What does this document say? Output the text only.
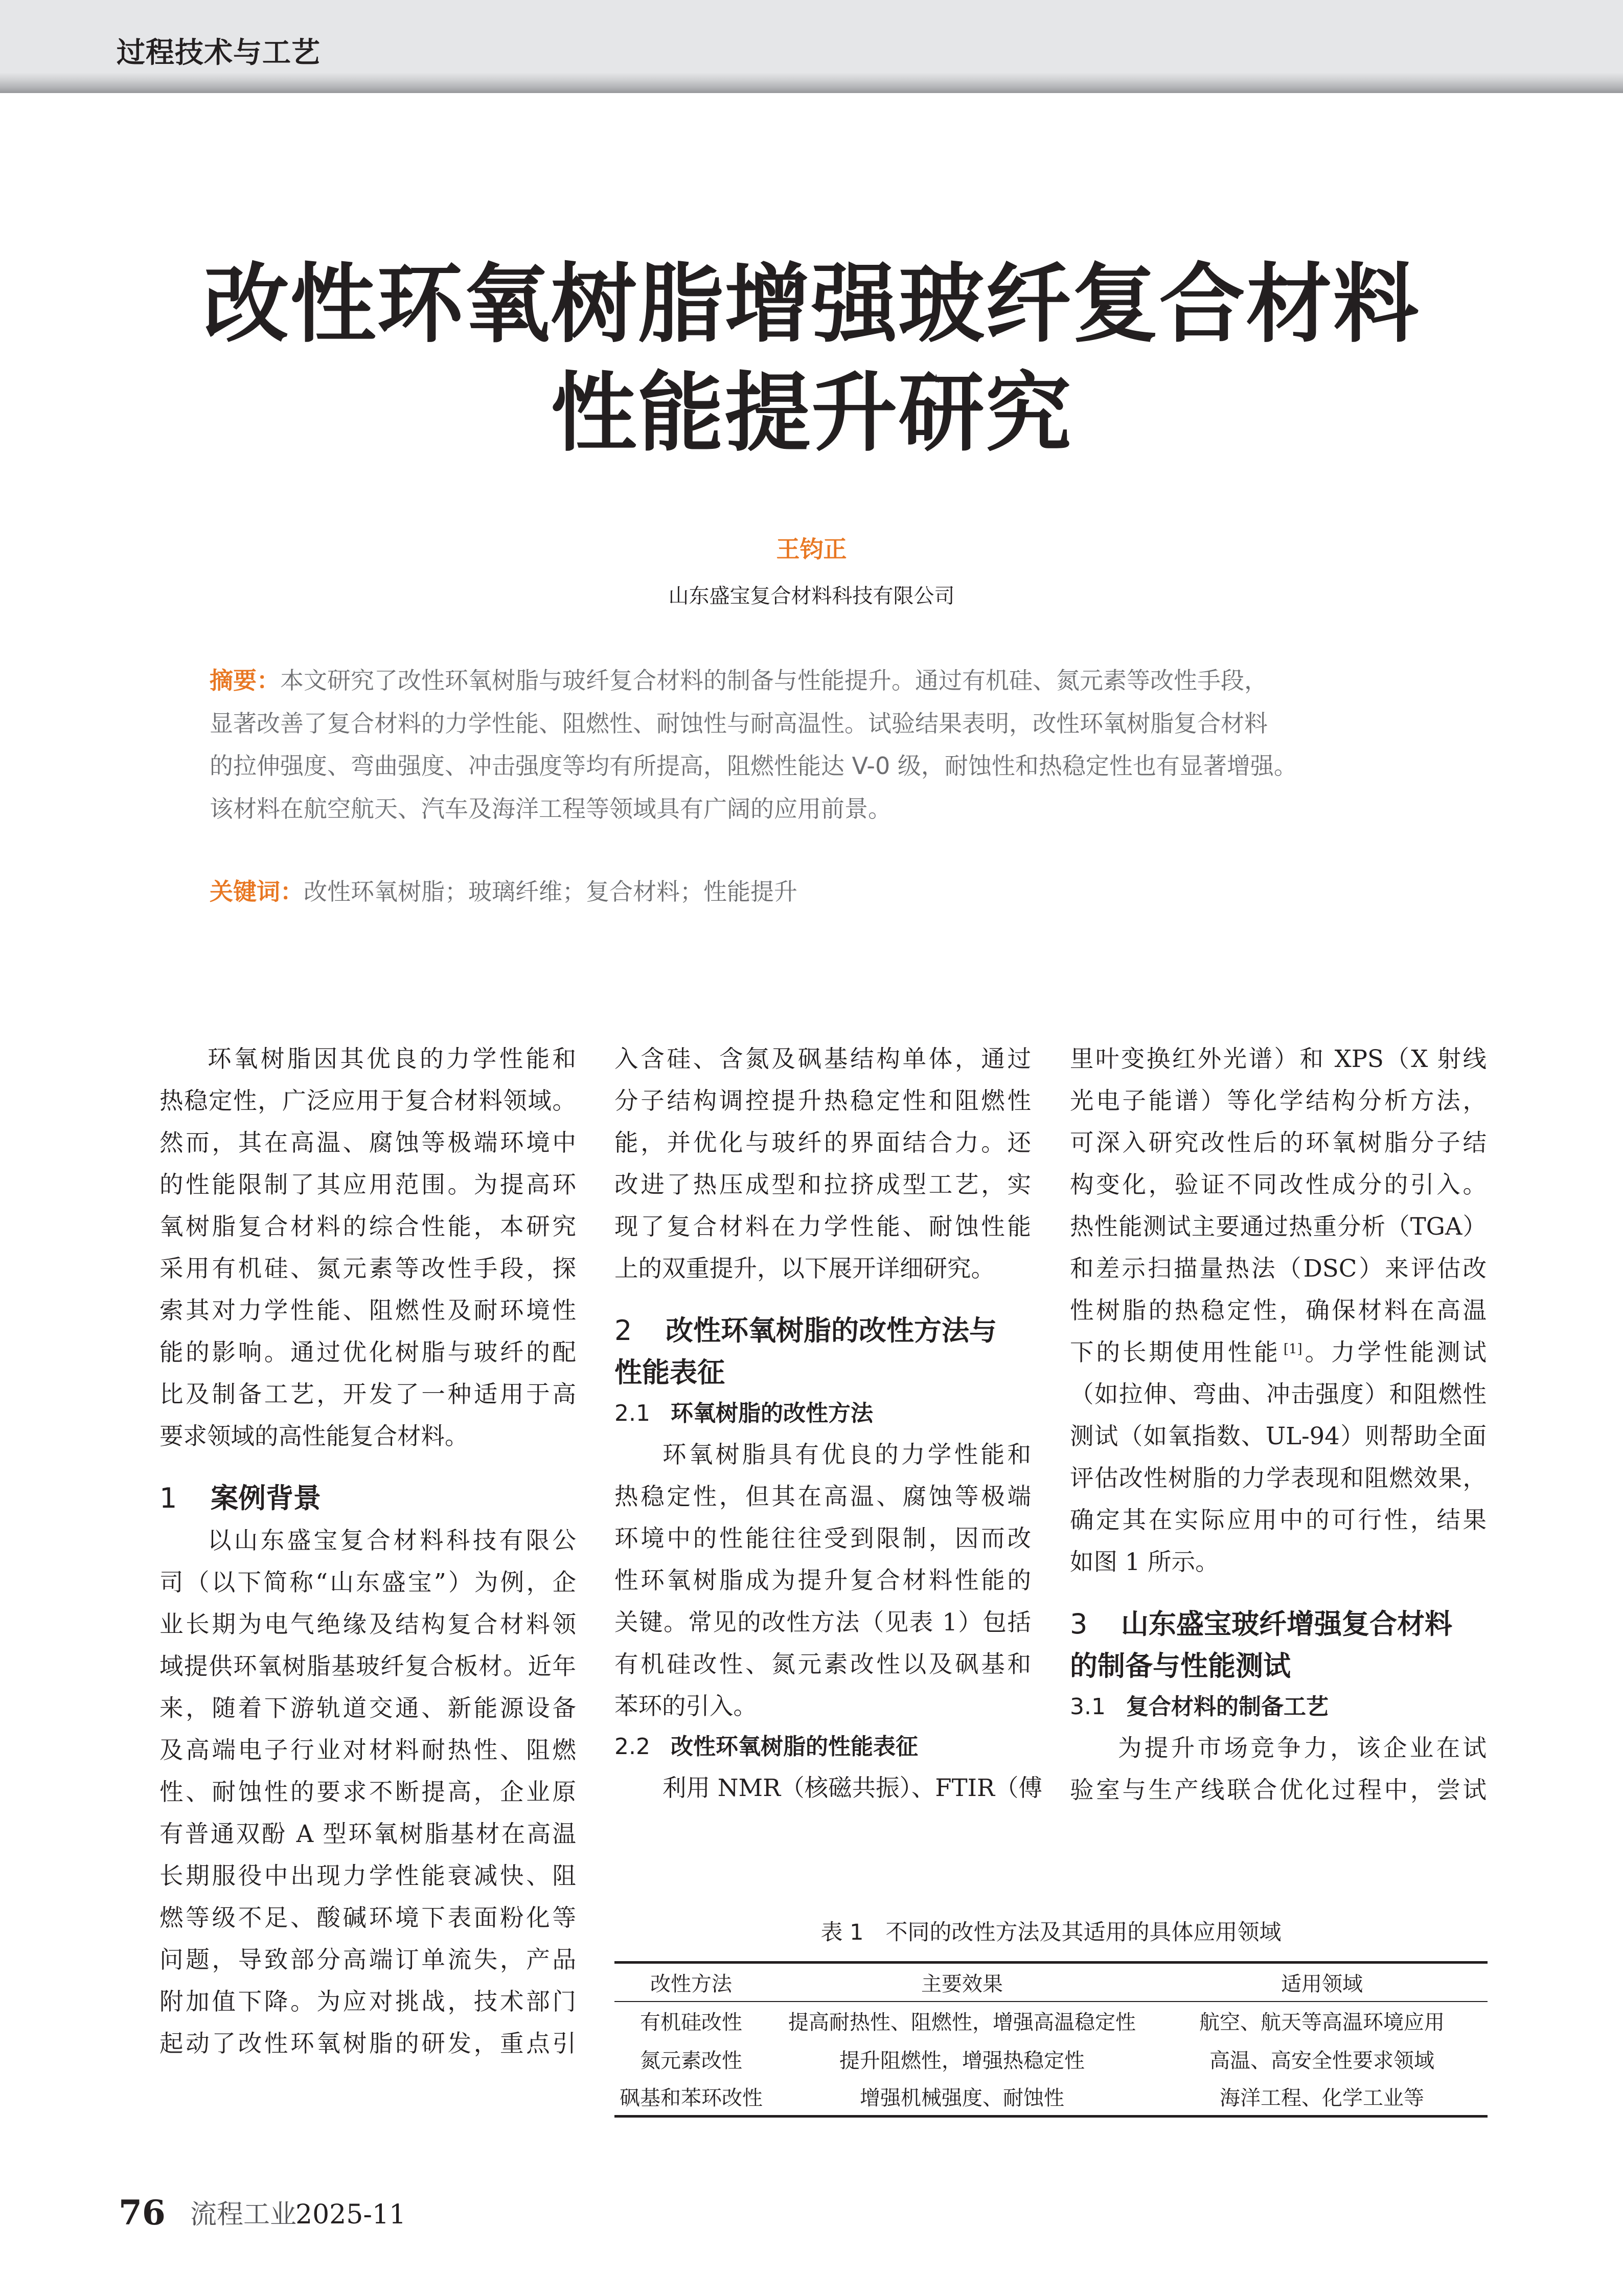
过程技术与工艺
改性环氧树脂增强玻纤复合材料
性能提升研究
王钧正
山东盛宝复合材料科技有限公司
摘要：本文研究了改性环氧树脂与玻纤复合材料的制备与性能提升。通过有机硅、氮元素等改性手段，
显著改善了复合材料的力学性能、阻燃性、耐蚀性与耐高温性。试验结果表明，改性环氧树脂复合材料
的拉伸强度、弯曲强度、冲击强度等均有所提高，阻燃性能达 V-0 级，耐蚀性和热稳定性也有显著增强。
该材料在航空航天、汽车及海洋工程等领域具有广阔的应用前景。
关键词：改性环氧树脂；玻璃纤维；复合材料；性能提升
环氧树脂因其优良的力学性能和
热稳定性，广泛应用于复合材料领域。
然而，其在高温、腐蚀等极端环境中
的性能限制了其应用范围。为提高环
氧树脂复合材料的综合性能，本研究
采用有机硅、氮元素等改性手段，探
索其对力学性能、阻燃性及耐环境性
能的影响。通过优化树脂与玻纤的配
比及制备工艺，开发了一种适用于高
要求领域的高性能复合材料。
1 案例背景
以山东盛宝复合材料科技有限公
司（以下简称“山东盛宝”）为例，企
业长期为电气绝缘及结构复合材料领
域提供环氧树脂基玻纤复合板材。近年
来，随着下游轨道交通、新能源设备
及高端电子行业对材料耐热性、阻燃
性、耐蚀性的要求不断提高，企业原
有普通双酚 A 型环氧树脂基材在高温
长期服役中出现力学性能衰减快、阻
燃等级不足、酸碱环境下表面粉化等
问题，导致部分高端订单流失，产品
附加值下降。为应对挑战，技术部门
起动了改性环氧树脂的研发，重点引
入含硅、含氮及砜基结构单体，通过
分子结构调控提升热稳定性和阻燃性
能，并优化与玻纤的界面结合力。还
改进了热压成型和拉挤成型工艺，实
现了复合材料在力学性能、耐蚀性能
上的双重提升，以下展开详细研究。
2 改性环氧树脂的改性方法与
性能表征
2.1 环氧树脂的改性方法
环氧树脂具有优良的力学性能和
热稳定性，但其在高温、腐蚀等极端
环境中的性能往往受到限制，因而改
性环氧树脂成为提升复合材料性能的
关键。常见的改性方法（见表 1）包括
有机硅改性、氮元素改性以及砜基和
苯环的引入。
2.2 改性环氧树脂的性能表征
利用 NMR（核磁共振）、FTIR（傅
里叶变换红外光谱）和 XPS（X 射线
光电子能谱）等化学结构分析方法，
可深入研究改性后的环氧树脂分子结
构变化，验证不同改性成分的引入。
热性能测试主要通过热重分析（TGA）
和差示扫描量热法（DSC）来评估改
性树脂的热稳定性，确保材料在高温
下的长期使用性能 [1]。力学性能测试
（如拉伸、弯曲、冲击强度）和阻燃性
测试（如氧指数、UL-94）则帮助全面
评估改性树脂的力学表现和阻燃效果，
确定其在实际应用中的可行性，结果
如图 1 所示。
3 山东盛宝玻纤增强复合材料
的制备与性能测试
3.1 复合材料的制备工艺
为提升市场竞争力，该企业在试
验室与生产线联合优化过程中，尝试
表 1　不同的改性方法及其适用的具体应用领域
改性方法	主要效果	适用领域
有机硅改性	提高耐热性、阻燃性，增强高温稳定性	航空、航天等高温环境应用
氮元素改性	提升阻燃性，增强热稳定性	高温、高安全性要求领域
砜基和苯环改性	增强机械强度、耐蚀性	海洋工程、化学工业等
76 流程工业
2025-11
